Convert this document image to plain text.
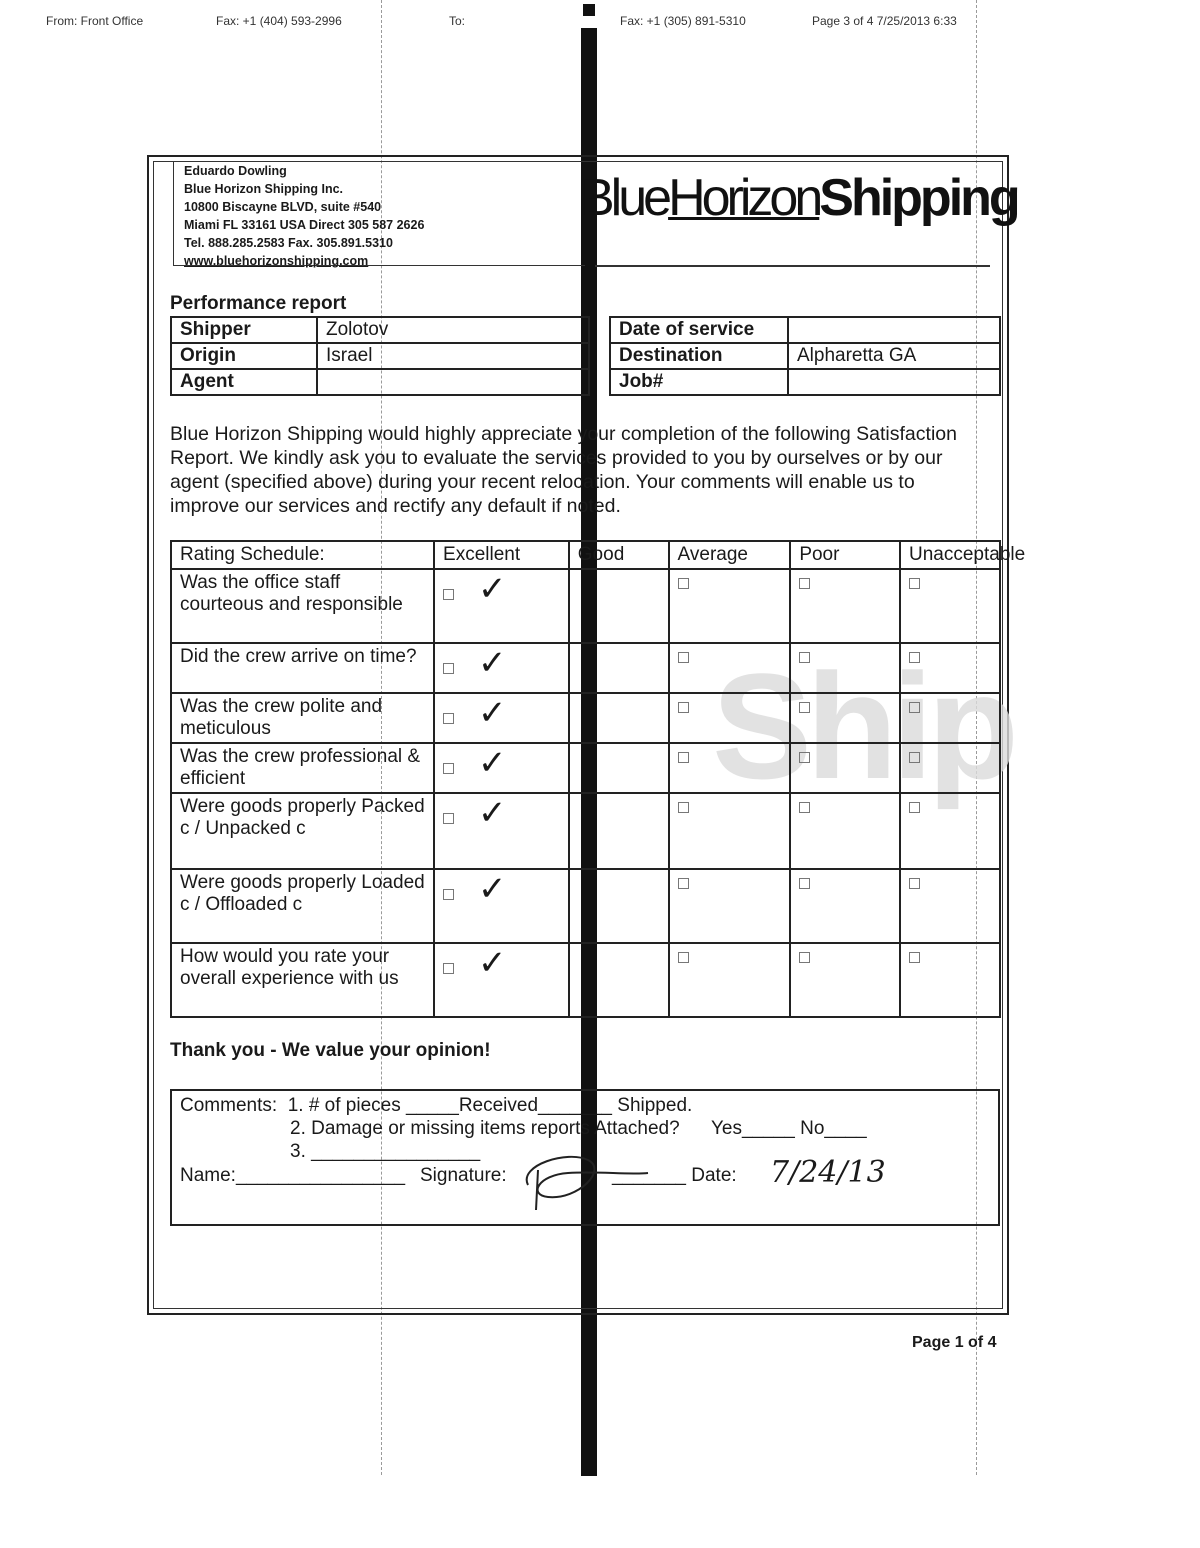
From: Front Office	Fax: +1 (404) 593-2996	To:	Fax: +1 (305) 891-5310	Page 3 of 4 7/25/2013 6:33
Eduardo Dowling
Blue Horizon Shipping Inc.
10800 Biscayne BLVD, suite #540
Miami FL 33161 USA Direct 305 587 2626
Tel. 888.285.2583 Fax. 305.891.5310
www.bluehorizonshipping.com
BlueHorizonShipping
Performance report
Shipper	Zolotov
Origin	Israel
Agent	
Date of service	
Destination	Alpharetta GA
Job#	
Blue Horizon Shipping would highly appreciate your completion of the following Satisfaction Report. We kindly ask you to evaluate the services provided to you by ourselves or by our agent (specified above) during your recent relocation. Your comments will enable us to improve our services and rectify any default if noted.
Ship
Rating Schedule:	Excellent	Good	Average	Poor	Unacceptable
Was the office staff courteous and responsible	✓				
Did the crew arrive on time?	✓				
Was the crew polite and meticulous	✓				
Was the crew professional & efficient	✓				
Were goods properly Packed c / Unpacked c	✓				
Were goods properly Loaded c / Offloaded c	✓				
How would you rate your overall experience with us	✓				
Thank you - We value your opinion!
Comments:  1. # of pieces _____Received_______ Shipped.
2. Damage or missing items reports Attached?      Yes_____ No____
3. ________________
Name:________________ Signature:	_______ Date: 7/24/13
Page 1 of 4
